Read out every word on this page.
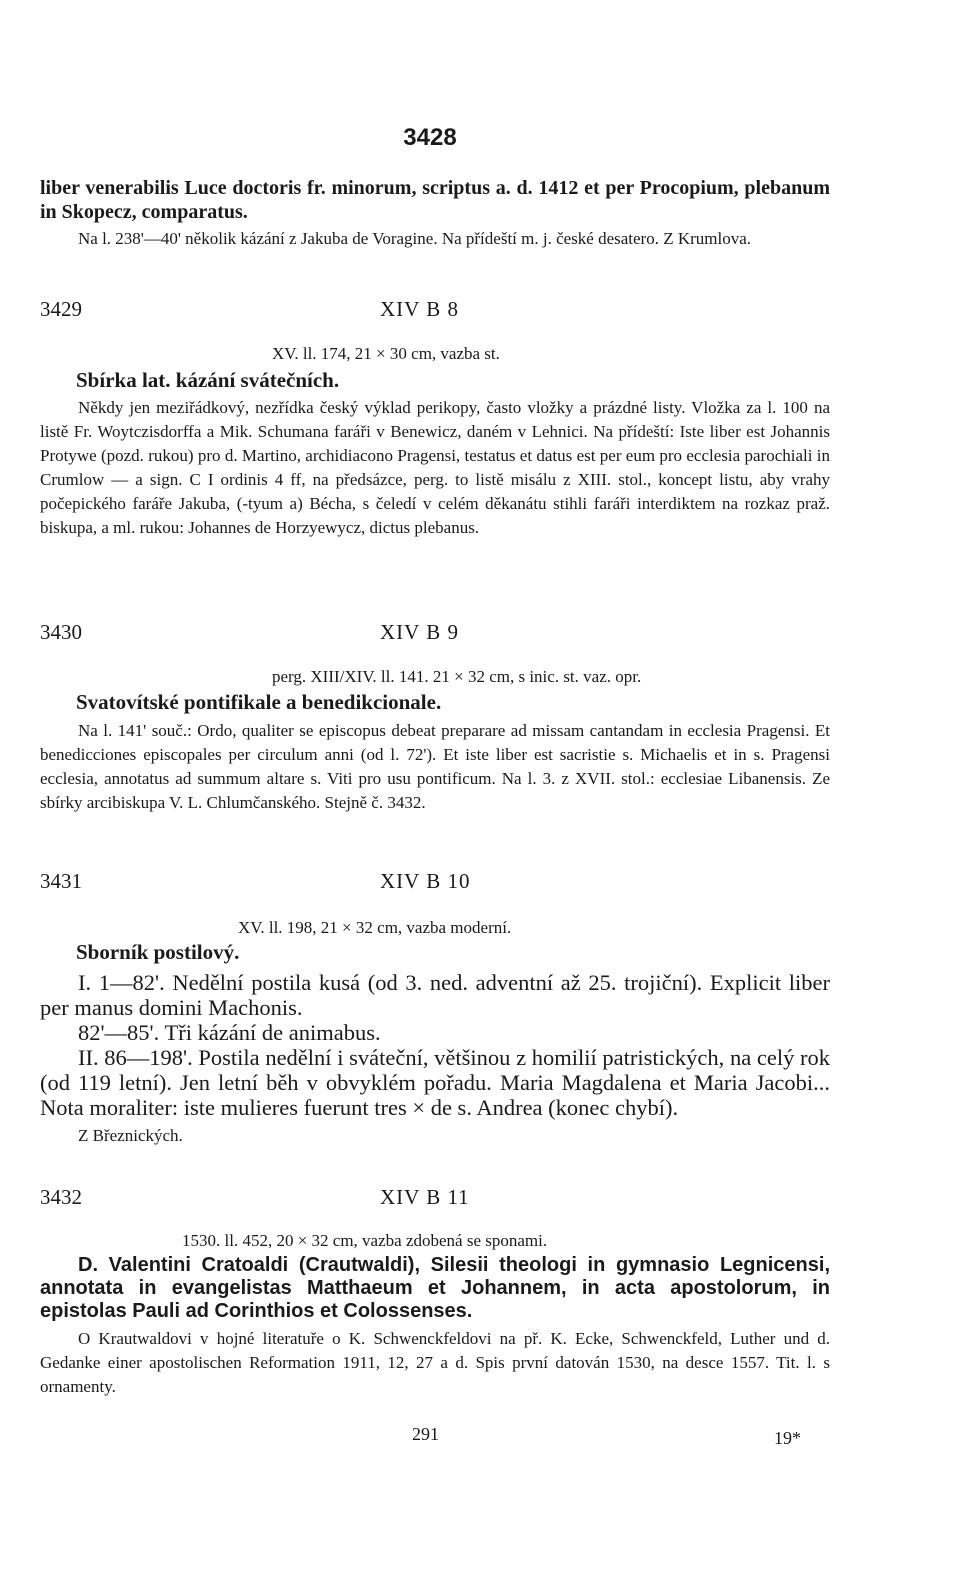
3428

liber venerabilis Luce doctoris fr. minorum, scriptus a. d. 1412 et per Procopium, plebanum in Skopecz, comparatus.

Na l. 238'—40' několik kázání z Jakuba de Voragine. Na přídeští m. j. české desatero. Z Krumlova.

3429	XIV B 8
XV. ll. 174, 21 × 30 cm, vazba st.
Sbírka lat. kázání svátečních.

Někdy jen meziřádkový, nezřídka český výklad perikopy, často vložky a prázdné listy. Vložka za l. 100 na listě Fr. Woytczisdorffa a Mik. Schumana faráři v Benewicz, daném v Lehnici. Na přídeští: Iste liber est Johannis Protywe (pozd. rukou) pro d. Martino, archidiacono Pragensi, testatus et datus est per eum pro ecclesia parochiali in Crumlow — a sign. C I ordinis 4 ff, na předsázce, perg. to listě misálu z XIII. stol., koncept listu, aby vrahy počepického faráře Jakuba, (-tyum a) Bécha, s čeledí v celém děkanátu stihli faráři interdiktem na rozkaz praž. biskupa, a ml. rukou: Johannes de Horzyewycz, dictus plebanus.

3430	XIV B 9
perg. XIII/XIV. ll. 141. 21 × 32 cm, s inic. st. vaz. opr.
Svatovítské pontifikale a benedikcionale.

Na l. 141' souč.: Ordo, qualiter se episcopus debeat preparare ad missam cantandam in ecclesia Pragensi. Et benedicciones episcopales per circulum anni (od l. 72'). Et iste liber est sacristie s. Michaelis et in s. Pragensi ecclesia, annotatus ad summum altare s. Viti pro usu pontificum. Na l. 3. z XVII. stol.: ecclesiae Libanensis. Ze sbírky arcibiskupa V. L. Chlumčanského. Stejně č. 3432.

3431	XIV B 10
XV. ll. 198, 21 × 32 cm, vazba moderní.
Sborník postilový.

I. 1—82'. Nedělní postila kusá (od 3. ned. adventní až 25. trojiční). Explicit liber per manus domini Machonis.

82'—85'. Tři kázání de animabus.

II. 86—198'. Postila nedělní i sváteční, většinou z homilií patristických, na celý rok (od 119 letní). Jen letní běh v obvyklém pořadu. Maria Magdalena et Maria Jacobi... Nota moraliter: iste mulieres fuerunt tres × de s. Andrea (konec chybí).

Z Březnických.

3432	XIV B 11
1530. ll. 452, 20 × 32 cm, vazba zdobená se sponami.

D. Valentini Cratoaldi (Crautwaldi), Silesii theologi in gymnasio Legnicensi, annotata in evangelistas Matthaeum et Johannem, in acta apostolorum, in epistolas Pauli ad Corinthios et Colossenses.

O Krautwaldovi v hojné literatuře o K. Schwenckfeldovi na př. K. Ecke, Schwenckfeld, Luther und d. Gedanke einer apostolischen Reformation 1911, 12, 27 a d. Spis první datován 1530, na desce 1557. Tit. l. s ornamenty.

291	19*
